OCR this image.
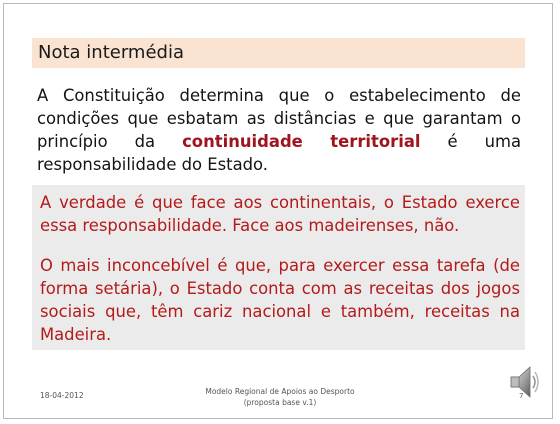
Nota intermédia

A Constituição determina que o estabelecimento de condições que esbatam as distâncias e que garantam o princípio da continuidade territorial é uma responsabilidade do Estado.

A verdade é que face aos continentais, o Estado exerce essa responsabilidade. Face aos madeirenses, não.

O mais inconcebível é que, para exercer essa tarefa (de forma setária), o Estado conta com as receitas dos jogos sociais que, têm cariz nacional e também, receitas na Madeira.

18-04-2012	Modelo Regional de Apoios ao Desporto
(proposta base v.1)
7
